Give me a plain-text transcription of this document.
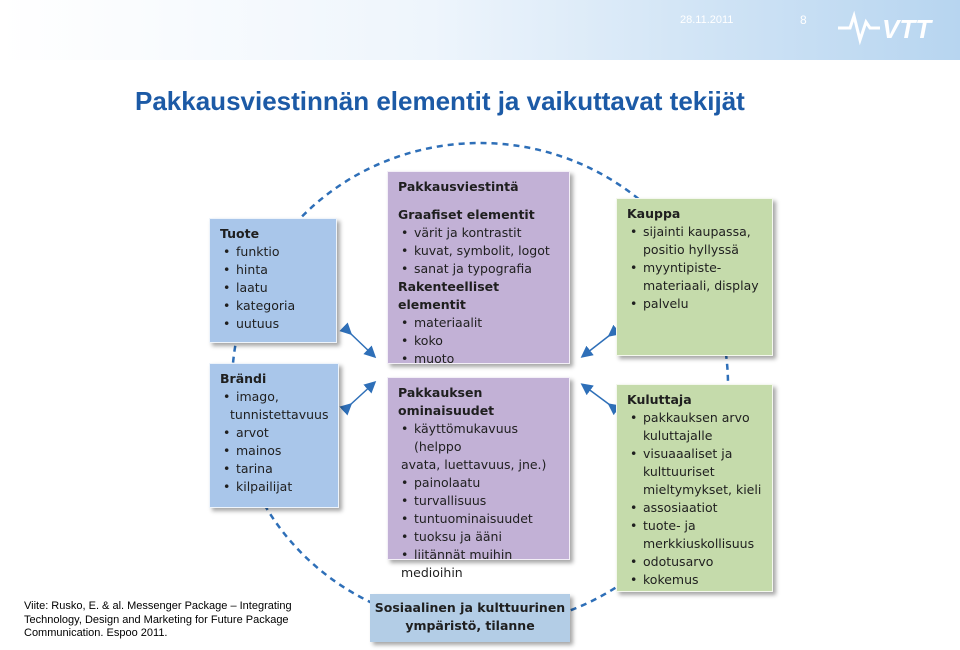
28.11.2011	8	VTT
Pakkausviestinnän elementit ja vaikuttavat tekijät
Tuote
• funktio
• hinta
• laatu
• kategoria
• uutuus
Brändi
• imago,
tunnistettavuus
• arvot
• mainos
• tarina
• kilpailijat
Pakkausviestintä
Graafiset elementit
• värit ja kontrastit
• kuvat, symbolit, logot
• sanat ja typografia
Rakenteelliset elementit
• materiaalit
• koko
• muoto
Pakkauksen ominaisuudet
• käyttömukavuus (helppo
avata, luettavuus, jne.)
• painolaatu
• turvallisuus
• tuntuominaisuudet
• tuoksu ja ääni
• liitännät muihin
medioihin
Kauppa
• sijainti kaupassa,
positio hyllyssä
• myyntipiste-
materiaali, display
• palvelu
Kuluttaja
• pakkauksen arvo
kuluttajalle
• visuaaaliset ja
kulttuuriset
mieltymykset, kieli
• assosiaatiot
• tuote- ja
merkkiuskollisuus
• odotusarvo
• kokemus
Sosiaalinen ja kulttuurinen
ympäristö, tilanne
Viite: Rusko, E. & al. Messenger Package – Integrating Technology, Design and Marketing for Future Package Communication. Espoo 2011.
